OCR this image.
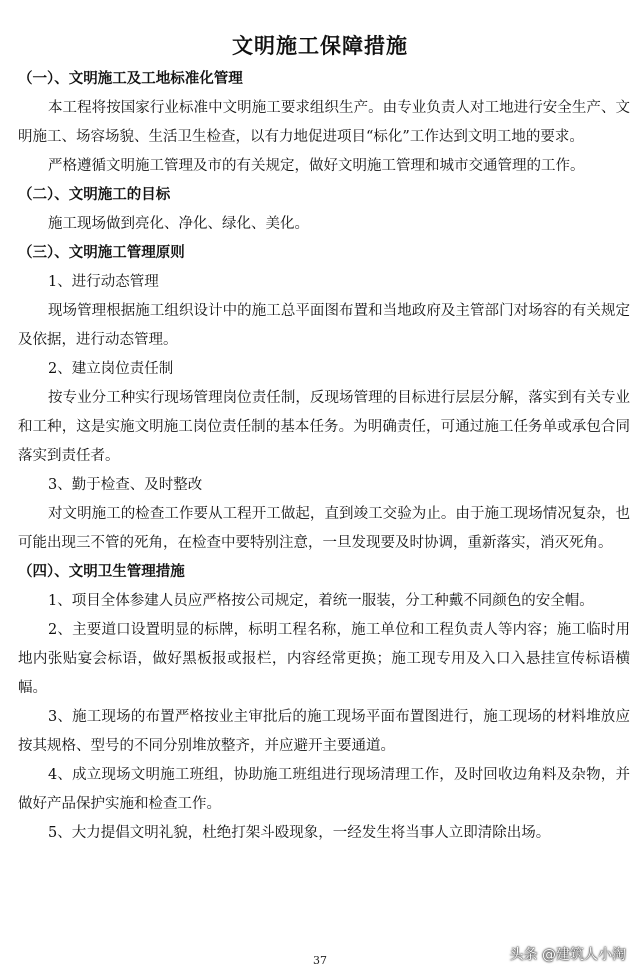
文明施工保障措施
（一）、文明施工及工地标准化管理

本工程将按国家行业标准中文明施工要求组织生产。由专业负责人对工地进行安全生产、文明施工、场容场貌、生活卫生检查，以有力地促进项目“标化”工作达到文明工地的要求。

严格遵循文明施工管理及市的有关规定，做好文明施工管理和城市交通管理的工作。

（二）、文明施工的目标

施工现场做到亮化、净化、绿化、美化。

（三）、文明施工管理原则

1、进行动态管理

现场管理根据施工组织设计中的施工总平面图布置和当地政府及主管部门对场容的有关规定及依据，进行动态管理。

2、建立岗位责任制

按专业分工种实行现场管理岗位责任制，反现场管理的目标进行层层分解，落实到有关专业和工种，这是实施文明施工岗位责任制的基本任务。为明确责任，可通过施工任务单或承包合同落实到责任者。

3、勤于检查、及时整改

对文明施工的检查工作要从工程开工做起，直到竣工交验为止。由于施工现场情况复杂，也可能出现三不管的死角，在检查中要特别注意，一旦发现要及时协调，重新落实，消灭死角。

（四）、文明卫生管理措施

1、项目全体参建人员应严格按公司规定，着统一服装，分工种戴不同颜色的安全帽。

2、主要道口设置明显的标牌，标明工程名称，施工单位和工程负责人等内容；施工临时用地内张贴宴会标语，做好黑板报或报栏，内容经常更换；施工现专用及入口入悬挂宣传标语横幅。

3、施工现场的布置严格按业主审批后的施工现场平面布置图进行，施工现场的材料堆放应按其规格、型号的不同分别堆放整齐，并应避开主要通道。

4、成立现场文明施工班组，协助施工班组进行现场清理工作，及时回收边角料及杂物，并做好产品保护实施和检查工作。

5、大力提倡文明礼貌，杜绝打架斗殴现象，一经发生将当事人立即清除出场。

37	头条 @建筑人小淘
